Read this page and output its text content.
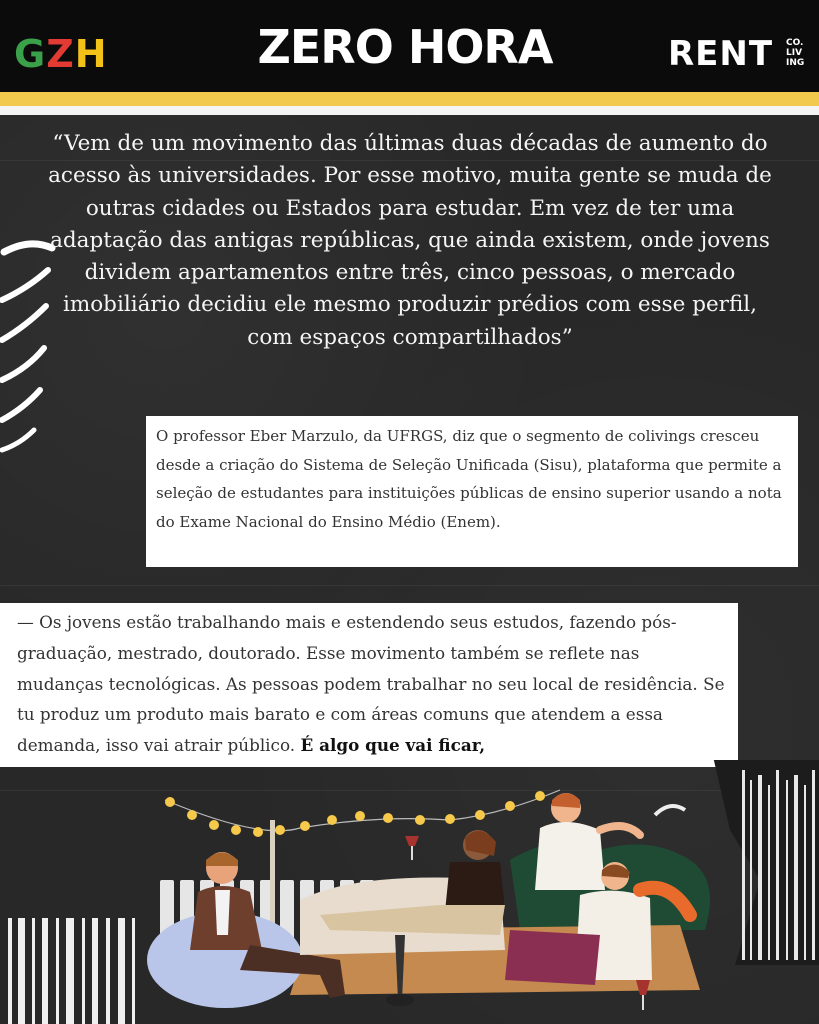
GZH	ZERO HORA	RENT CO.
LIV
ING
“Vem de um movimento das últimas duas décadas de aumento do acesso às universidades. Por esse motivo, muita gente se muda de outras cidades ou Estados para estudar. Em vez de ter uma adaptação das antigas repúblicas, que ainda existem, onde jovens dividem apartamentos entre três, cinco pessoas, o mercado imobiliário decidiu ele mesmo produzir prédios com esse perfil, com espaços compartilhados”

O professor Eber Marzulo, da UFRGS, diz que o segmento de colivings cresceu desde a criação do Sistema de Seleção Unificada (Sisu), plataforma que permite a seleção de estudantes para instituições públicas de ensino superior usando a nota do Exame Nacional do Ensino Médio (Enem).

— Os jovens estão trabalhando mais e estendendo seus estudos, fazendo pós-graduação, mestrado, doutorado. Esse movimento também se reflete nas mudanças tecnológicas. As pessoas podem trabalhar no seu local de residência. Se tu produz um produto mais barato e com áreas comuns que atendem a essa demanda, isso vai atrair público. É algo que vai ficar,
